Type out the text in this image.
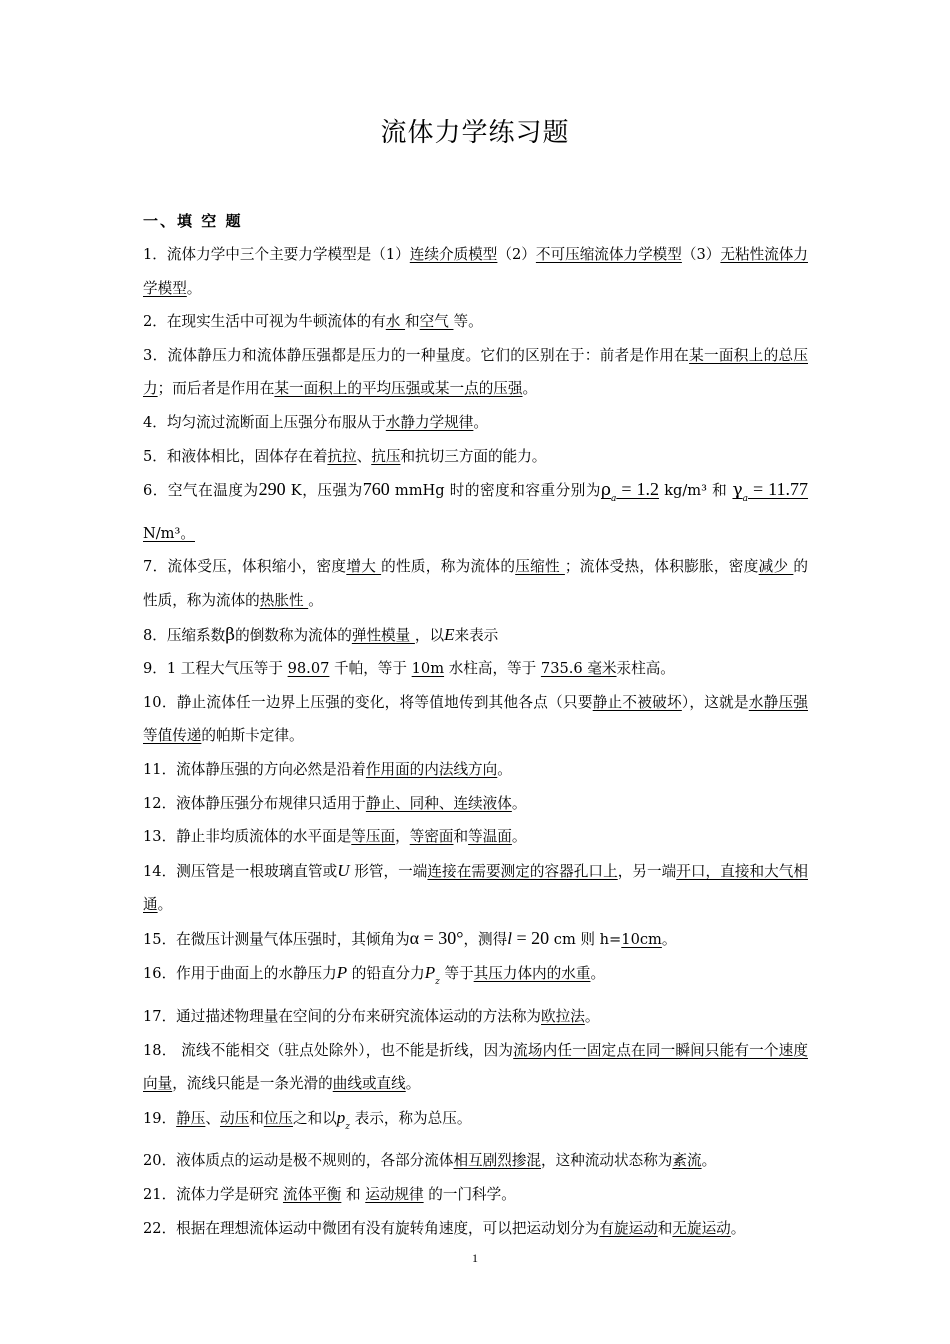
流体力学练习题
一、填 空 题

1．流体力学中三个主要力学模型是（1）连续介质模型（2）不可压缩流体力学模型（3）无粘性流体力学模型。

2．在现实生活中可视为牛顿流体的有水 和空气 等。

3．流体静压力和流体静压强都是压力的一种量度。它们的区别在于：前者是作用在某一面积上的总压力；而后者是作用在某一面积上的平均压强或某一点的压强。

4．均匀流过流断面上压强分布服从于水静力学规律。

5．和液体相比，固体存在着抗拉、抗压和抗切三方面的能力。

6．空气在温度为290 K，压强为760 mmHg 时的密度和容重分别为$\rho_a = 1.2$ kg/m³ 和 $\gamma_a = 11.77$ N/m³。

7．流体受压，体积缩小，密度增大 的性质，称为流体的压缩性 ；流体受热，体积膨胀，密度减少 的性质，称为流体的热胀性 。

8．压缩系数β的倒数称为流体的弹性模量 ，以E来表示

9．1 工程大气压等于 98.07 千帕，等于 10m 水柱高，等于 735.6 毫米汞柱高。

10．静止流体任一边界上压强的变化，将等值地传到其他各点（只要静止不被破坏），这就是水静压强等值传递的帕斯卡定律。

11．流体静压强的方向必然是沿着作用面的内法线方向。

12．液体静压强分布规律只适用于静止、同种、连续液体。

13．静止非均质流体的水平面是等压面，等密面和等温面。

14．测压管是一根玻璃直管或U 形管，一端连接在需要测定的容器孔口上，另一端开口，直接和大气相通。

15．在微压计测量气体压强时，其倾角为α = 30°，测得l = 20 cm 则 h=10cm。

16．作用于曲面上的水静压力P 的铅直分力$P_z$ 等于其压力体内的水重。

17．通过描述物理量在空间的分布来研究流体运动的方法称为欧拉法。

18． 流线不能相交（驻点处除外），也不能是折线，因为流场内任一固定点在同一瞬间只能有一个速度向量，流线只能是一条光滑的曲线或直线。

19．静压、动压和位压之和以$p_z$ 表示，称为总压。

20．液体质点的运动是极不规则的，各部分流体相互剧烈掺混，这种流动状态称为紊流。

21．流体力学是研究 流体平衡 和 运动规律 的一门科学。

22．根据在理想流体运动中微团有没有旋转角速度，可以把运动划分为有旋运动和无旋运动。

1
